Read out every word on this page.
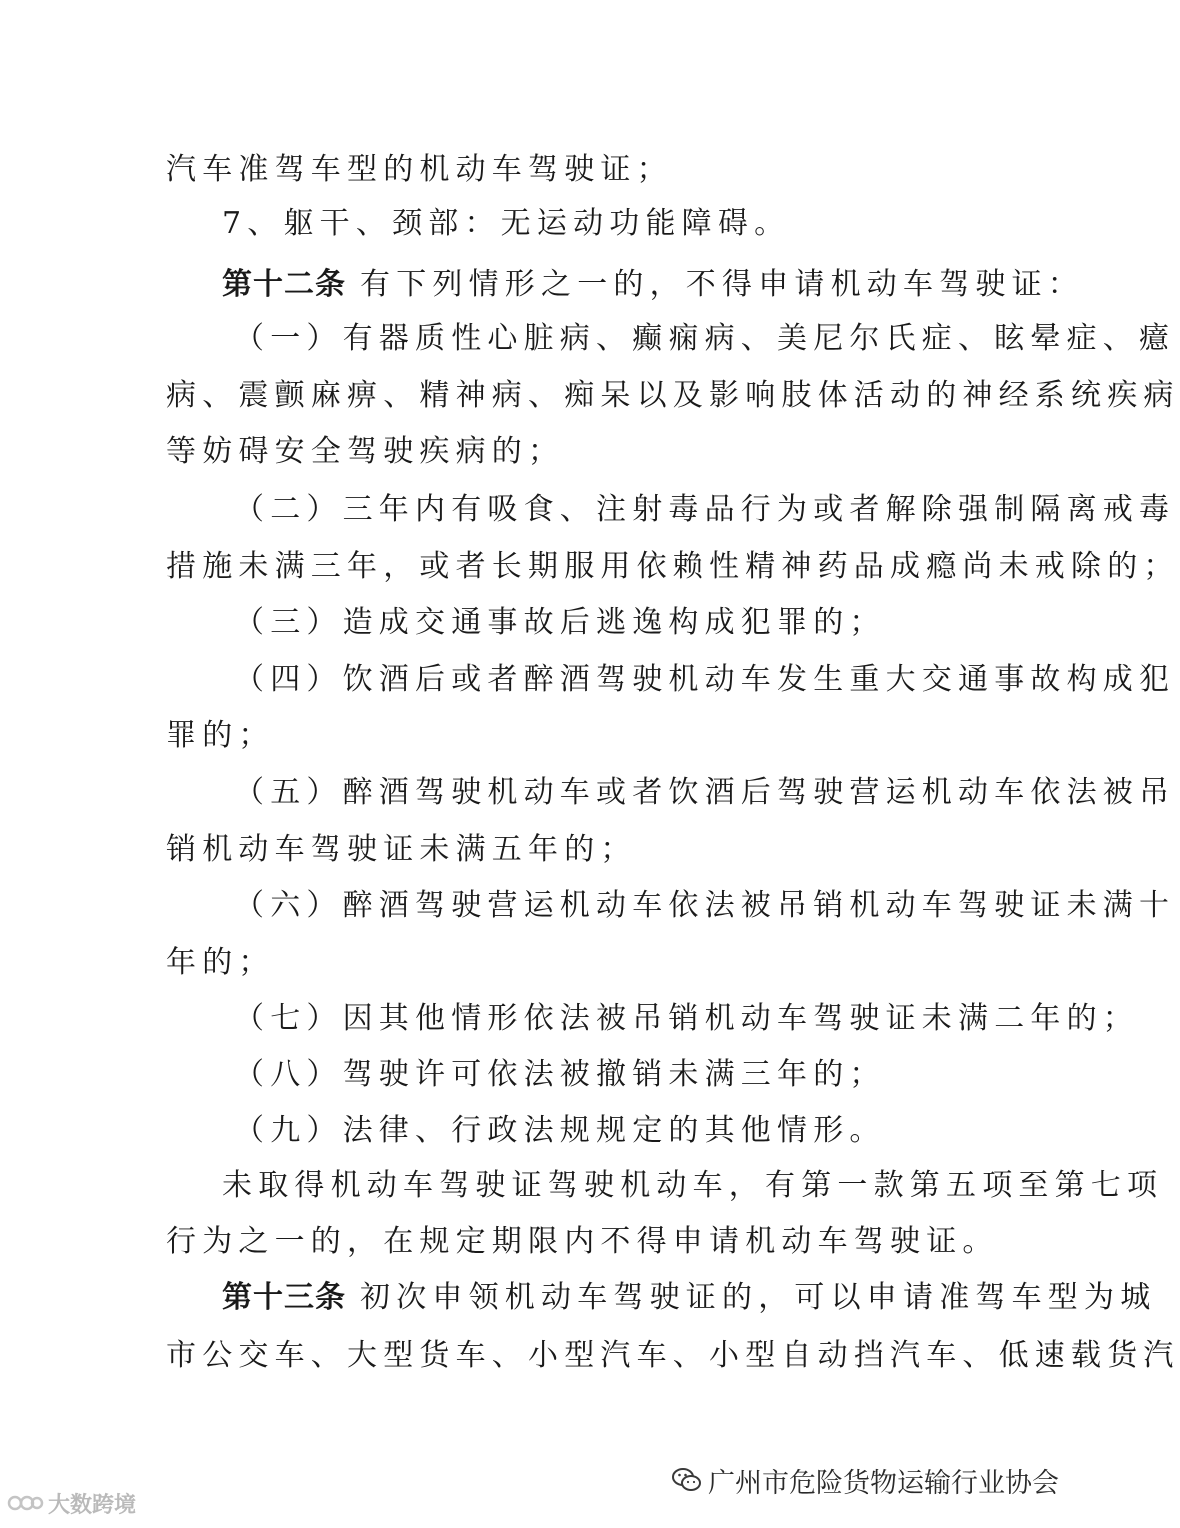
汽车准驾车型的机动车驾驶证；
7、躯干、颈部：无运动功能障碍。
第十二条 有下列情形之一的，不得申请机动车驾驶证：
（一）有器质性心脏病、癫痫病、美尼尔氏症、眩晕症、癔
病、震颤麻痹、精神病、痴呆以及影响肢体活动的神经系统疾病
等妨碍安全驾驶疾病的；
（二）三年内有吸食、注射毒品行为或者解除强制隔离戒毒
措施未满三年，或者长期服用依赖性精神药品成瘾尚未戒除的；
（三）造成交通事故后逃逸构成犯罪的；
（四）饮酒后或者醉酒驾驶机动车发生重大交通事故构成犯
罪的；
（五）醉酒驾驶机动车或者饮酒后驾驶营运机动车依法被吊
销机动车驾驶证未满五年的；
（六）醉酒驾驶营运机动车依法被吊销机动车驾驶证未满十
年的；
（七）因其他情形依法被吊销机动车驾驶证未满二年的；
（八）驾驶许可依法被撤销未满三年的；
（九）法律、行政法规规定的其他情形。
未取得机动车驾驶证驾驶机动车，有第一款第五项至第七项
行为之一的，在规定期限内不得申请机动车驾驶证。
第十三条 初次申领机动车驾驶证的，可以申请准驾车型为城
市公交车、大型货车、小型汽车、小型自动挡汽车、低速载货汽
广州市危险货物运输行业协会
大数跨境
